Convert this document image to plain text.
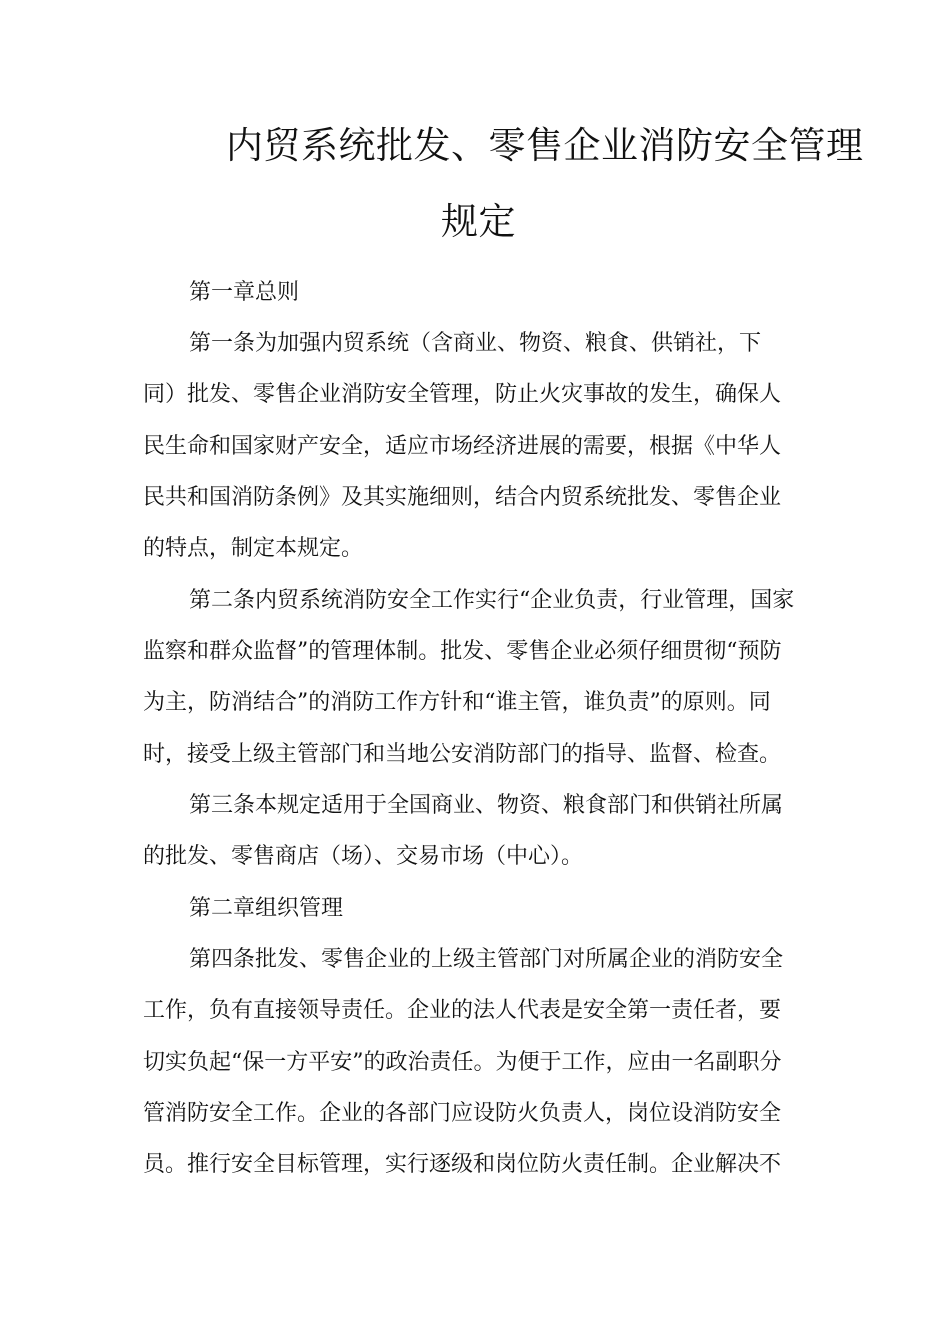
内贸系统批发、零售企业消防安全管理
规定
第一章总则
第一条为加强内贸系统（含商业、物资、粮食、供销社，下
同）批发、零售企业消防安全管理，防止火灾事故的发生，确保人
民生命和国家财产安全，适应市场经济进展的需要，根据《中华人
民共和国消防条例》及其实施细则，结合内贸系统批发、零售企业
的特点，制定本规定。
第二条内贸系统消防安全工作实行“企业负责，行业管理，国家
监察和群众监督”的管理体制。批发、零售企业必须仔细贯彻“预防
为主，防消结合”的消防工作方针和“谁主管，谁负责”的原则。同
时，接受上级主管部门和当地公安消防部门的指导、监督、检查。
第三条本规定适用于全国商业、物资、粮食部门和供销社所属
的批发、零售商店（场）、交易市场（中心）。
第二章组织管理
第四条批发、零售企业的上级主管部门对所属企业的消防安全
工作，负有直接领导责任。企业的法人代表是安全第一责任者，要
切实负起“保一方平安”的政治责任。为便于工作，应由一名副职分
管消防安全工作。企业的各部门应设防火负责人，岗位设消防安全
员。推行安全目标管理，实行逐级和岗位防火责任制。企业解决不
